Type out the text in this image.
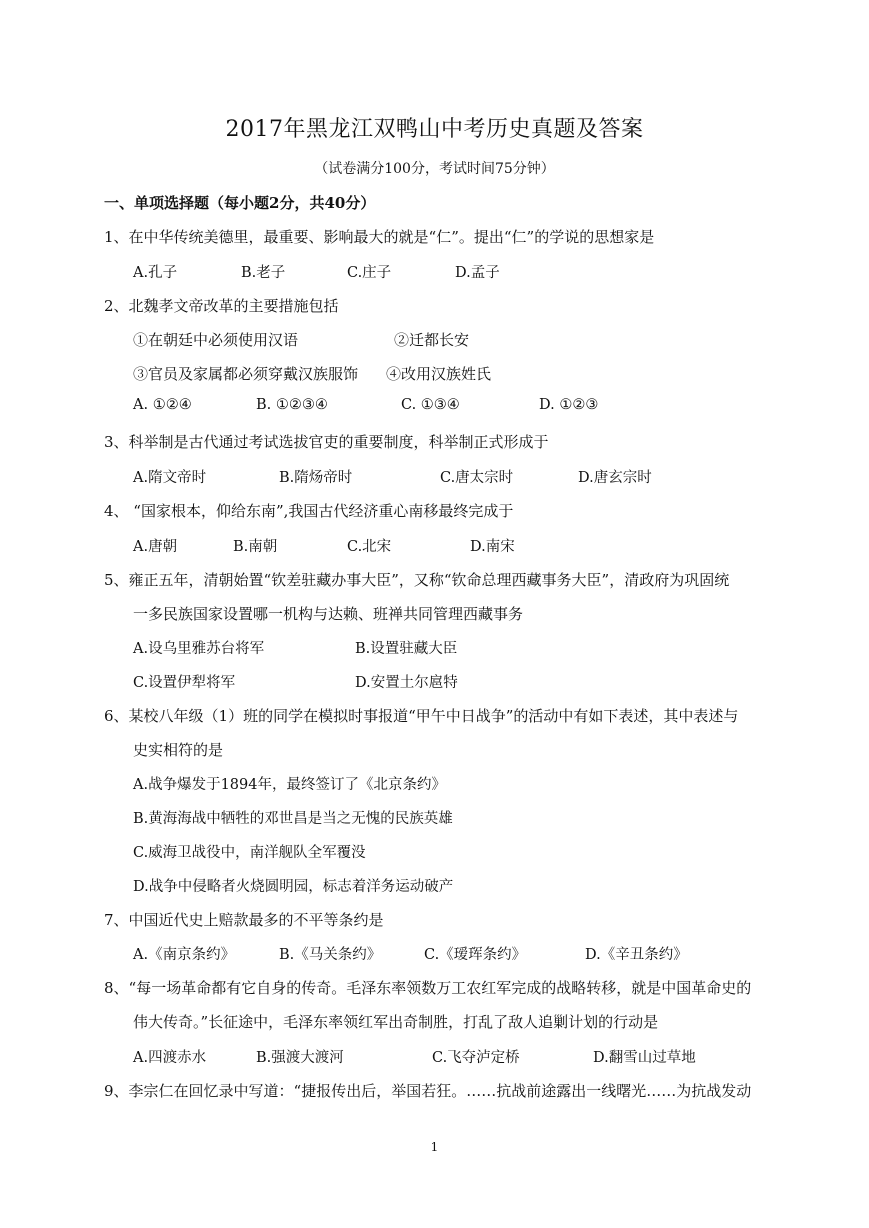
2017年黑龙江双鸭山中考历史真题及答案
（试卷满分100分，考试时间75分钟）
一、单项选择题（每小题2分，共40分）
1、在中华传统美德里，最重要、影响最大的就是“仁”。提出“仁”的学说的思想家是
A.孔子	B.老子	C.庄子	D.孟子
2、北魏孝文帝改革的主要措施包括
①在朝廷中必须使用汉语	②迁都长安
③官员及家属都必须穿戴汉族服饰 ④改用汉族姓氏
A. ①②④	B. ①②③④	C. ①③④	D. ①②③
3、科举制是古代通过考试选拔官吏的重要制度，科举制正式形成于
A.隋文帝时	B.隋炀帝时	C.唐太宗时	D.唐玄宗时
4、 “国家根本，仰给东南”,我国古代经济重心南移最终完成于
A.唐朝	B.南朝	C.北宋	D.南宋
5、雍正五年，清朝始置“钦差驻藏办事大臣”，又称“钦命总理西藏事务大臣”，清政府为巩固统
一多民族国家设置哪一机构与达赖、班禅共同管理西藏事务
A.设乌里雅苏台将军	B.设置驻藏大臣
C.设置伊犁将军	D.安置土尔扈特
6、某校八年级（1）班的同学在模拟时事报道“甲午中日战争”的活动中有如下表述，其中表述与
史实相符的是
A.战争爆发于1894年，最终签订了《北京条约》
B.黄海海战中牺牲的邓世昌是当之无愧的民族英雄
C.威海卫战役中，南洋舰队全军覆没
D.战争中侵略者火烧圆明园，标志着洋务运动破产
7、中国近代史上赔款最多的不平等条约是
A.《南京条约》	B.《马关条约》	C.《瑷珲条约》	D.《辛丑条约》
8、“每一场革命都有它自身的传奇。毛泽东率领数万工农红军完成的战略转移，就是中国革命史的
伟大传奇。”长征途中，毛泽东率领红军出奇制胜，打乱了敌人追剿计划的行动是
A.四渡赤水	B.强渡大渡河	C.飞夺泸定桥	D.翻雪山过草地
9、李宗仁在回忆录中写道：“捷报传出后，举国若狂。……抗战前途露出一线曙光……为抗战发动
1
